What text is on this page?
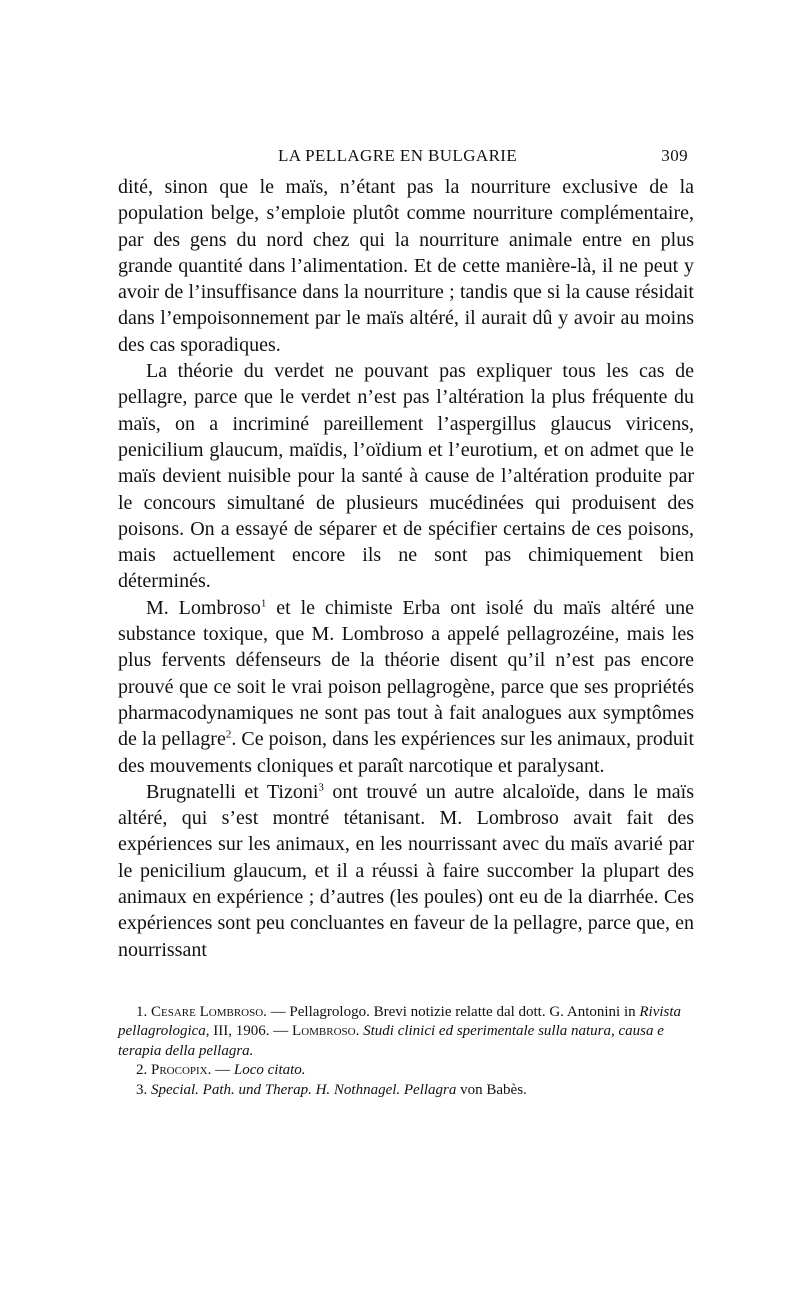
LA PELLAGRE EN BULGARIE	309

dité, sinon que le maïs, n’étant pas la nourriture exclusive de la population belge, s’emploie plutôt comme nourriture complémentaire, par des gens du nord chez qui la nourriture animale entre en plus grande quantité dans l’alimentation. Et de cette manière-là, il ne peut y avoir de l’insuffisance dans la nourriture ; tandis que si la cause résidait dans l’empoisonnement par le maïs altéré, il aurait dû y avoir au moins des cas sporadiques.

La théorie du verdet ne pouvant pas expliquer tous les cas de pellagre, parce que le verdet n’est pas l’altération la plus fréquente du maïs, on a incriminé pareillement l’aspergillus glaucus viricens, penicilium glaucum, maïdis, l’oïdium et l’eurotium, et on admet que le maïs devient nuisible pour la santé à cause de l’altération produite par le concours simultané de plusieurs mucédinées qui produisent des poisons. On a essayé de séparer et de spécifier certains de ces poisons, mais actuellement encore ils ne sont pas chimiquement bien déterminés.

M. Lombroso$^1$ et le chimiste Erba ont isolé du maïs altéré une substance toxique, que M. Lombroso a appelé pellagrozéine, mais les plus fervents défenseurs de la théorie disent qu’il n’est pas encore prouvé que ce soit le vrai poison pellagrogène, parce que ses propriétés pharmacodynamiques ne sont pas tout à fait analogues aux symptômes de la pellagre$^2$. Ce poison, dans les expériences sur les animaux, produit des mouvements cloniques et paraît narcotique et paralysant.

Brugnatelli et Tizoni$^3$ ont trouvé un autre alcaloïde, dans le maïs altéré, qui s’est montré tétanisant. M. Lombroso avait fait des expériences sur les animaux, en les nourrissant avec du maïs avarié par le penicilium glaucum, et il a réussi à faire succomber la plupart des animaux en expérience ; d’autres (les poules) ont eu de la diarrhée. Ces expériences sont peu concluantes en faveur de la pellagre, parce que, en nourrissant

1. Cesare Lombroso. — Pellagrologo. Brevi notizie relatte dal dott. G. Antonini in Rivista pellagrologica, III, 1906. — Lombroso. Studi clinici ed sperimentale sulla natura, causa e terapia della pellagra.

2. Procopix. — Loco citato.

3. Special. Path. und Therap. H. Nothnagel. Pellagra von Babès.
